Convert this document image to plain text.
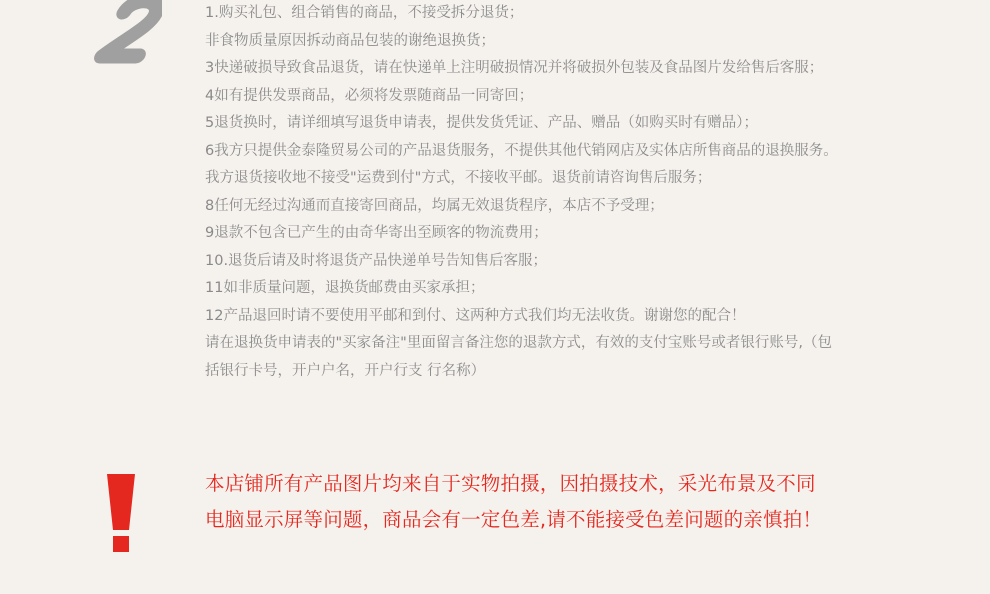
1.购买礼包、组合销售的商品，不接受拆分退货；
非食物质量原因拆动商品包装的谢绝退换货；
3快递破损导致食品退货，请在快递单上注明破损情况并将破损外包装及食品图片发给售后客服；
4如有提供发票商品，必须将发票随商品一同寄回；
5退货换时，请详细填写退货申请表，提供发货凭证、产品、赠品（如购买时有赠品）；
6我方只提供金泰隆贸易公司的产品退货服务，不提供其他代销网店及实体店所售商品的退换服务。
我方退货接收地不接受"运费到付"方式，不接收平邮。退货前请咨询售后服务；
8任何无经过沟通而直接寄回商品，均属无效退货程序，本店不予受理；
9退款不包含已产生的由奇华寄出至顾客的物流费用；
10.退货后请及时将退货产品快递单号告知售后客服；
11如非质量问题，退换货邮费由买家承担；
12产品退回时请不要使用平邮和到付、这两种方式我们均无法收货。谢谢您的配合！
请在退换货申请表的"买家备注"里面留言备注您的退款方式，有效的支付宝账号或者银行账号,（包括银行卡号，开户户名，开户行支 行名称）
本店铺所有产品图片均来自于实物拍摄，因拍摄技术，采光布景及不同电脑显示屏等问题，商品会有一定色差,请不能接受色差问题的亲慎拍！
